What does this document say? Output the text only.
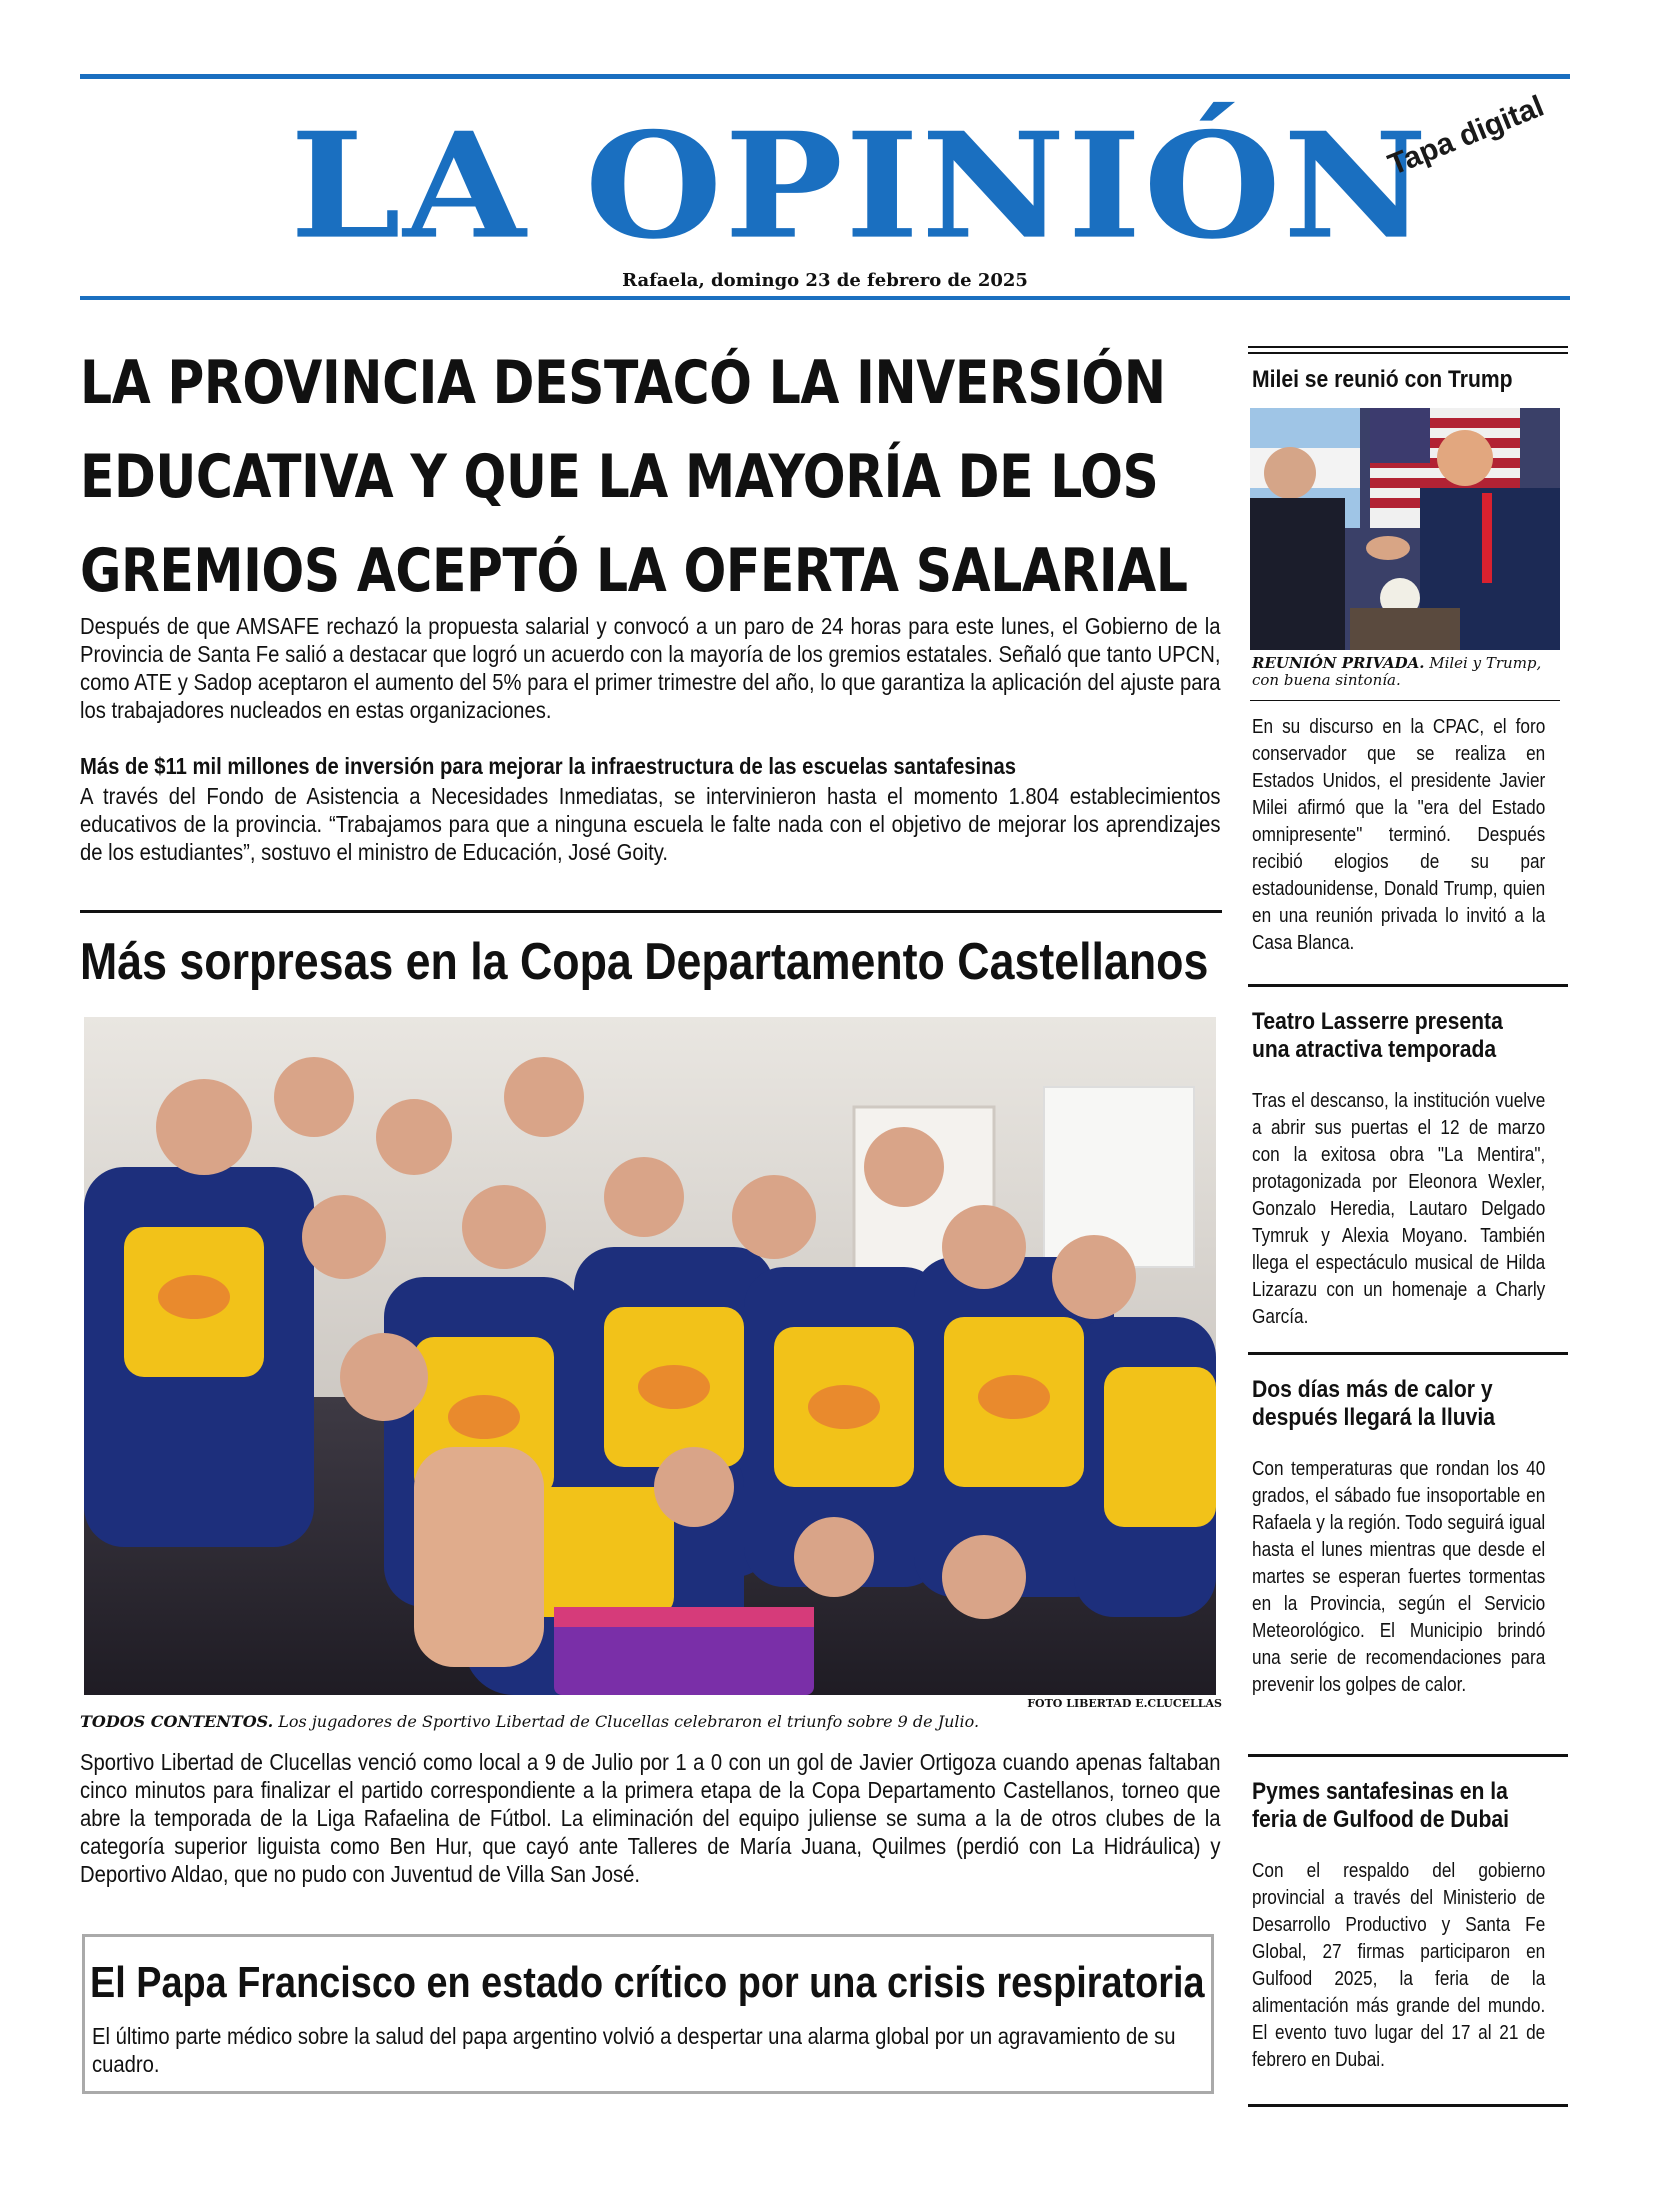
LA OPINIÓN
Tapa digital
Rafaela, domingo 23 de febrero de 2025
LA PROVINCIA DESTACÓ LA INVERSIÓN
EDUCATIVA Y QUE LA MAYORÍA DE LOS
GREMIOS ACEPTÓ LA OFERTA SALARIAL
Después de que AMSAFE rechazó la propuesta salarial y convocó a un paro de 24 horas para este lunes, el Gobierno de la Provincia de Santa Fe salió a destacar que logró un acuerdo con la mayoría de los gremios estatales. Señaló que tanto UPCN, como ATE y Sadop aceptaron el aumento del 5% para el primer trimestre del año, lo que garantiza la aplicación del ajuste para los trabajadores nucleados en estas organizaciones.
Más de $11 mil millones de inversión para mejorar la infraestructura de las escuelas santafesinas
A través del Fondo de Asistencia a Necesidades Inmediatas, se intervinieron hasta el momento 1.804 establecimientos educativos de la provincia. “Trabajamos para que a ninguna escuela le falte nada con el objetivo de mejorar los aprendizajes de los estudiantes”, sostuvo el ministro de Educación, José Goity.
Más sorpresas en la Copa Departamento Castellanos
FOTO LIBERTAD E.CLUCELLAS
TODOS CONTENTOS. Los jugadores de Sportivo Libertad de Clucellas celebraron el triunfo sobre 9 de Julio.
Sportivo Libertad de Clucellas venció como local a 9 de Julio por 1 a 0 con un gol de Javier Ortigoza cuando apenas faltaban cinco minutos para finalizar el partido correspondiente a la primera etapa de la Copa Departamento Castellanos, torneo que abre la temporada de la Liga Rafaelina de Fútbol. La eliminación del equipo juliense se suma a la de otros clubes de la categoría superior liguista como Ben Hur, que cayó ante Talleres de María Juana, Quilmes (perdió con La Hidráulica) y Deportivo Aldao, que no pudo con Juventud de Villa San José.
El Papa Francisco en estado crítico por una crisis respiratoria
El último parte médico sobre la salud del papa argentino volvió a despertar una alarma global por un agravamiento de su cuadro.
Milei se reunió con Trump
REUNIÓN PRIVADA. Milei y Trump, con buena sintonía.
En su discurso en la CPAC, el foro conservador que se realiza en Estados Unidos, el presidente Javier Milei afirmó que la "era del Estado omnipresente" terminó. Después recibió elogios de su par estadounidense, Donald Trump, quien en una reunión privada lo invitó a la Casa Blanca.
Teatro Lasserre presenta una atractiva temporada
Tras el descanso, la institución vuelve a abrir sus puertas el 12 de marzo con la exitosa obra "La Mentira", protagonizada por Eleonora Wexler, Gonzalo Heredia, Lautaro Delgado Tymruk y Alexia Moyano. También llega el espectáculo musical de Hilda Lizarazu con un homenaje a Charly García.
Dos días más de calor y después llegará la lluvia
Con temperaturas que rondan los 40 grados, el sábado fue insoportable en Rafaela y la región. Todo seguirá igual hasta el lunes mientras que desde el martes se esperan fuertes tormentas en la Provincia, según el Servicio Meteorológico. El Municipio brindó una serie de recomendaciones para prevenir los golpes de calor.
Pymes santafesinas en la feria de Gulfood de Dubai
Con el respaldo del gobierno provincial a través del Ministerio de Desarrollo Productivo y Santa Fe Global, 27 firmas participaron en Gulfood 2025, la feria de la alimentación más grande del mundo. El evento tuvo lugar del 17 al 21 de febrero en Dubai.
